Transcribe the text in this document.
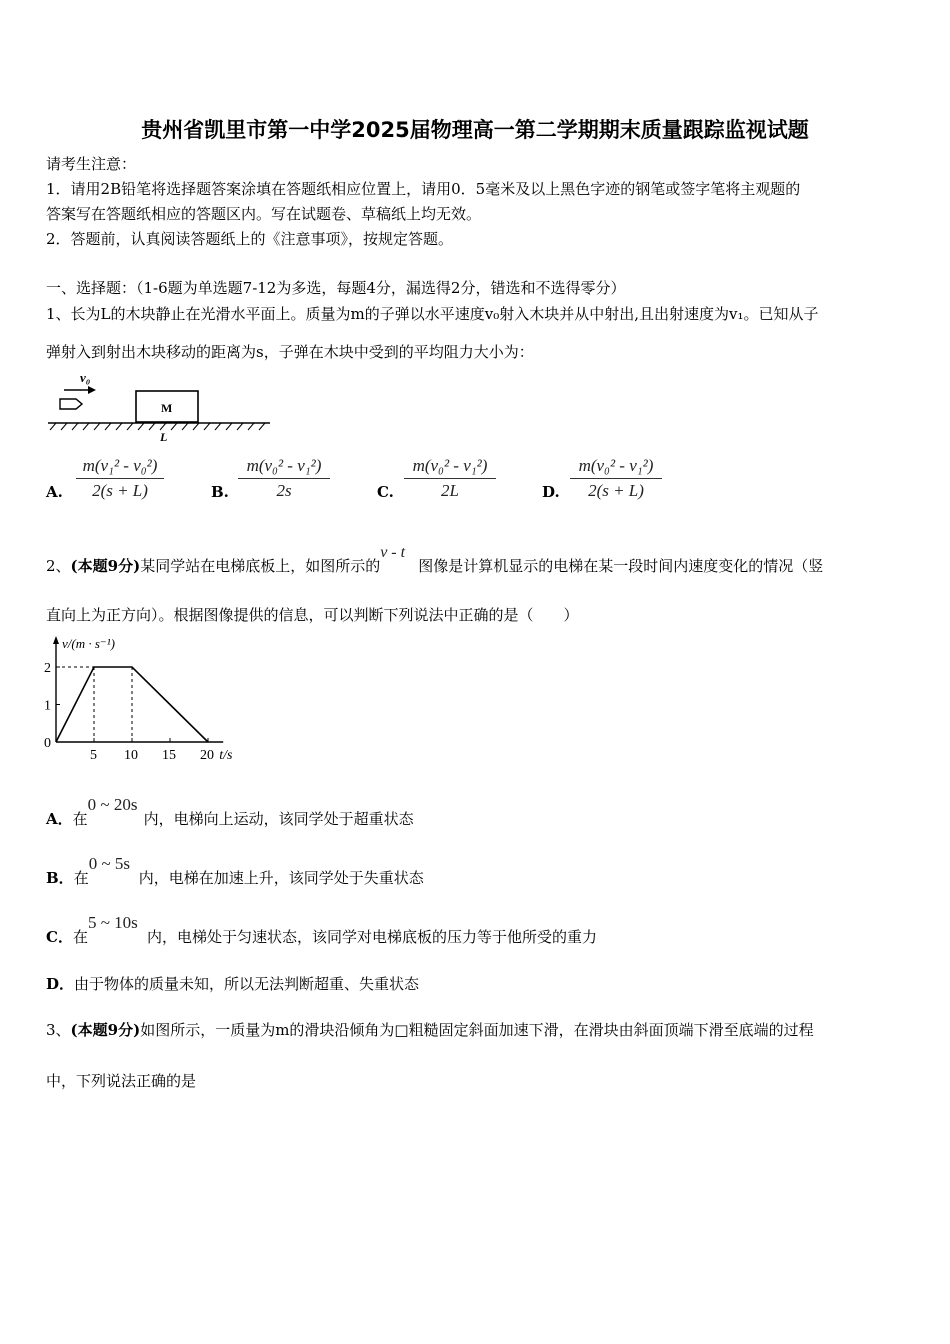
贵州省凯里市第一中学2025届物理高一第二学期期末质量跟踪监视试题
请考生注意：
1．请用2B铅笔将选择题答案涂填在答题纸相应位置上，请用0．5毫米及以上黑色字迹的钢笔或签字笔将主观题的
答案写在答题纸相应的答题区内。写在试题卷、草稿纸上均无效。
2．答题前，认真阅读答题纸上的《注意事项》，按规定答题。
一、选择题：（1-6题为单选题7-12为多选，每题4分，漏选得2分，错选和不选得零分）
1、长为L的木块静止在光滑水平面上。质量为m的子弹以水平速度v₀射入木块并从中射出,且出射速度为v₁。已知从子
弹射入到射出木块移动的距离为s，子弹在木块中受到的平均阻力大小为：
v₀
M
L
A.
m(v₁² - v₀²)
2(s + L)	B.
m(v₀² - v₁²)
2s	C.
m(v₀² - v₁²)
2L	D.
m(v₀² - v₁²)
2(s + L)
2、(本题9分)某同学站在电梯底板上，如图所示的v - t图像是计算机显示的电梯在某一段时间内速度变化的情况（竖
直向上为正方向）。根据图像提供的信息，可以判断下列说法中正确的是（　　）
v/(m · s⁻¹)
t/s
0
1
2
5 10 15 20
A．在0 ~ 20s内，电梯向上运动，该同学处于超重状态
B．在0 ~ 5s内，电梯在加速上升，该同学处于失重状态
C．在5 ~ 10s内，电梯处于匀速状态，该同学对电梯底板的压力等于他所受的重力
D．由于物体的质量未知，所以无法判断超重、失重状态
3、(本题9分)如图所示，一质量为m的滑块沿倾角为□粗糙固定斜面加速下滑，在滑块由斜面顶端下滑至底端的过程
中，下列说法正确的是
